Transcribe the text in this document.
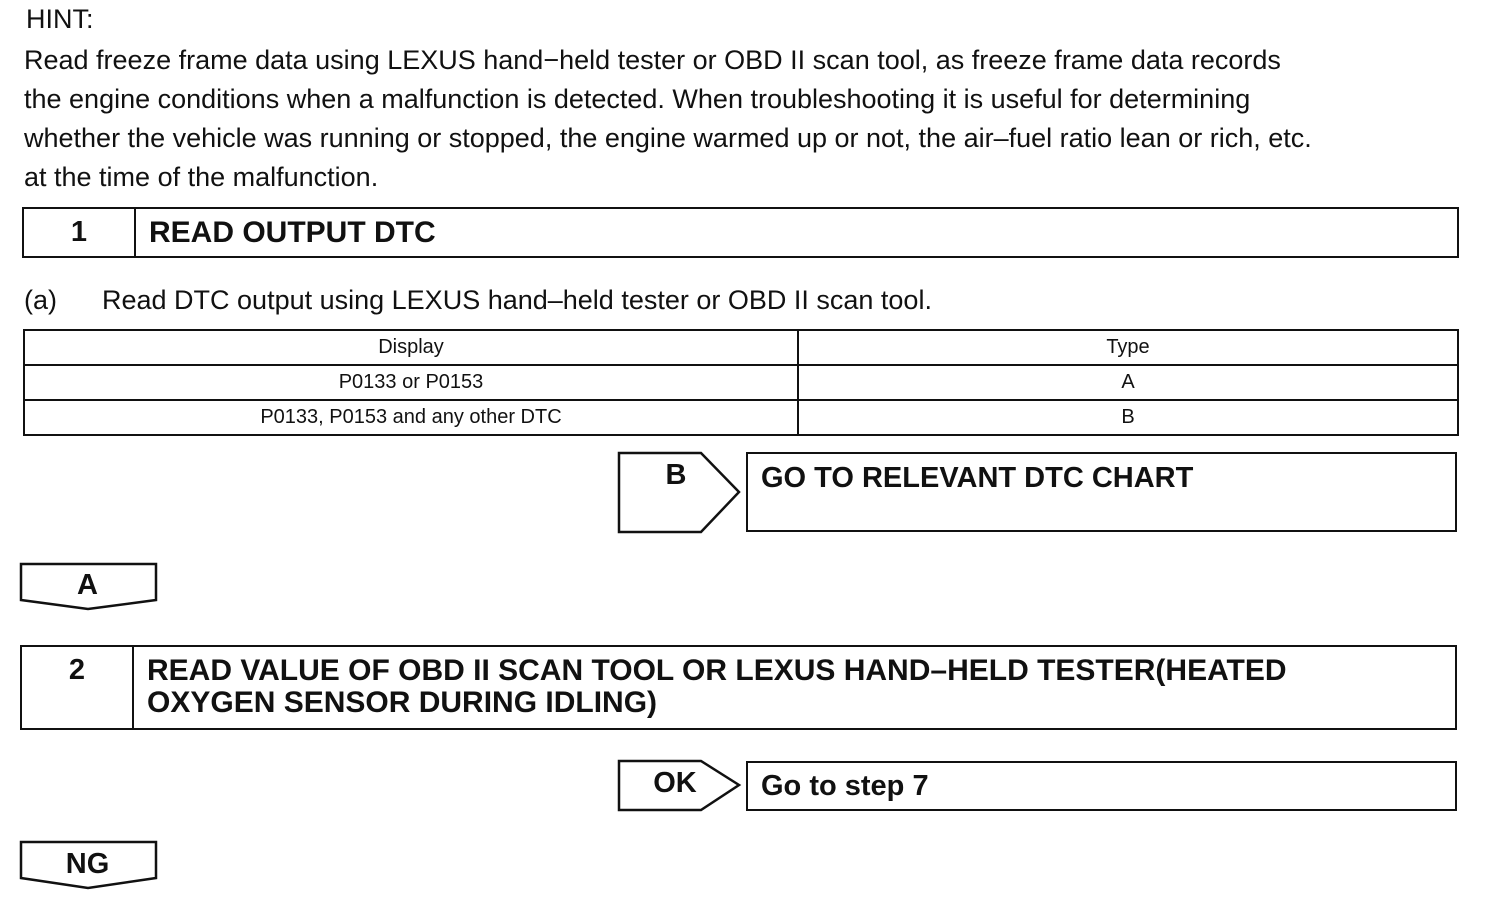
HINT:

Read freeze frame data using LEXUS hand−held tester or OBD II scan tool, as freeze frame data records

the engine conditions when a malfunction is detected. When troubleshooting it is useful for determining

whether the vehicle was running or stopped, the engine warmed up or not, the air–fuel ratio lean or rich, etc.

at the time of the malfunction.

1	READ OUTPUT DTC
(a) Read DTC output using LEXUS hand–held tester or OBD II scan tool.
Display	Type
P0133 or P0153	A
P0133, P0153 and any other DTC	B
B	GO TO RELEVANT DTC CHART
A
2	READ VALUE OF OBD II SCAN TOOL OR LEXUS HAND–HELD TESTER(HEATED
OXYGEN SENSOR DURING IDLING)
OK	Go to step 7
NG
